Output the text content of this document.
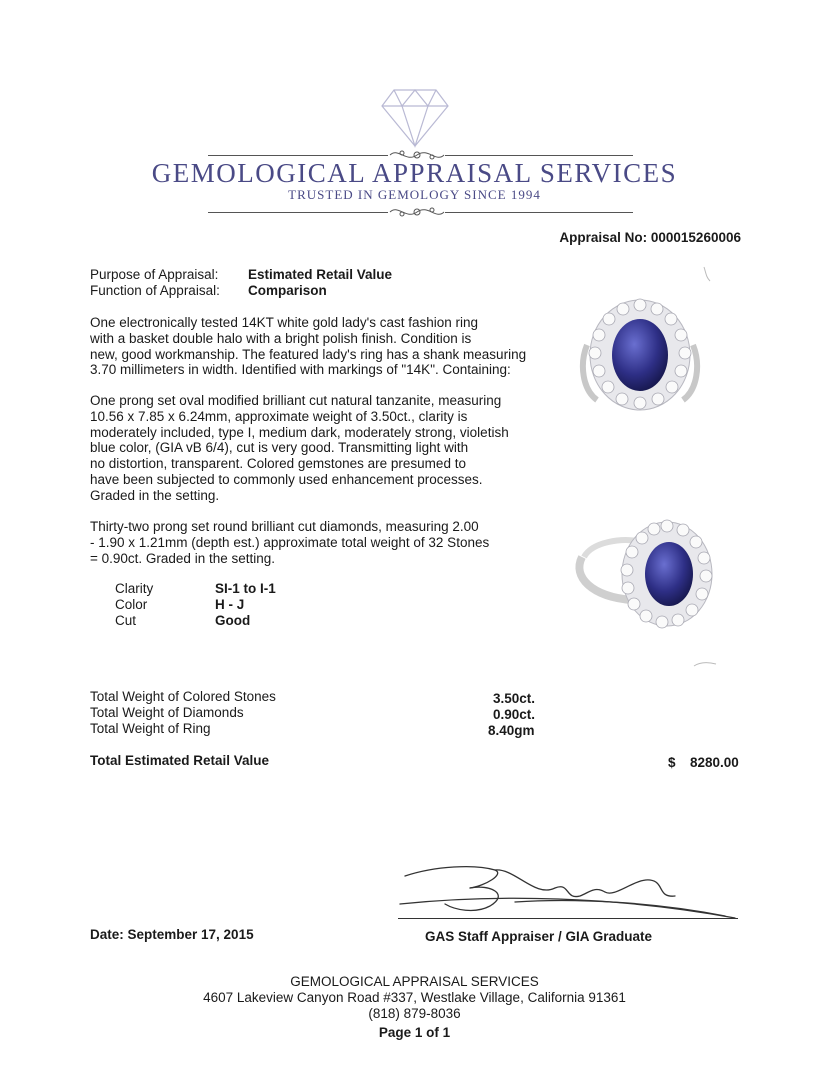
GEMOLOGICAL APPRAISAL SERVICES
TRUSTED IN GEMOLOGY SINCE 1994
Appraisal No: 000015260006
Purpose of Appraisal: Estimated Retail Value
Function of Appraisal: Comparison
One electronically tested 14KT white gold lady's cast fashion ring
with a basket double halo with a bright polish finish. Condition is
new, good workmanship. The featured lady's ring has a shank measuring
3.70 millimeters in width. Identified with markings of "14K". Containing:
One prong set oval modified brilliant cut natural tanzanite, measuring
10.56 x 7.85 x 6.24mm, approximate weight of 3.50ct., clarity is
moderately included, type I, medium dark, moderately strong, violetish
blue color, (GIA vB 6/4), cut is very good. Transmitting light with
no distortion, transparent. Colored gemstones are presumed to
have been subjected to commonly used enhancement processes.
Graded in the setting.
Thirty-two prong set round brilliant cut diamonds, measuring 2.00
- 1.90 x 1.21mm (depth est.) approximate total weight of 32 Stones
= 0.90ct. Graded in the setting.
Clarity	SI-1 to I-1
Color	H - J
Cut	Good
Total Weight of Colored Stones	3.50ct.
Total Weight of Diamonds	0.90ct.
Total Weight of Ring	8.40gm
Total Estimated Retail Value	$ 8280.00
Date: September 17, 2015	GAS Staff Appraiser / GIA Graduate
GEMOLOGICAL APPRAISAL SERVICES
4607 Lakeview Canyon Road #337, Westlake Village, California 91361
(818) 879-8036
Page 1 of 1
